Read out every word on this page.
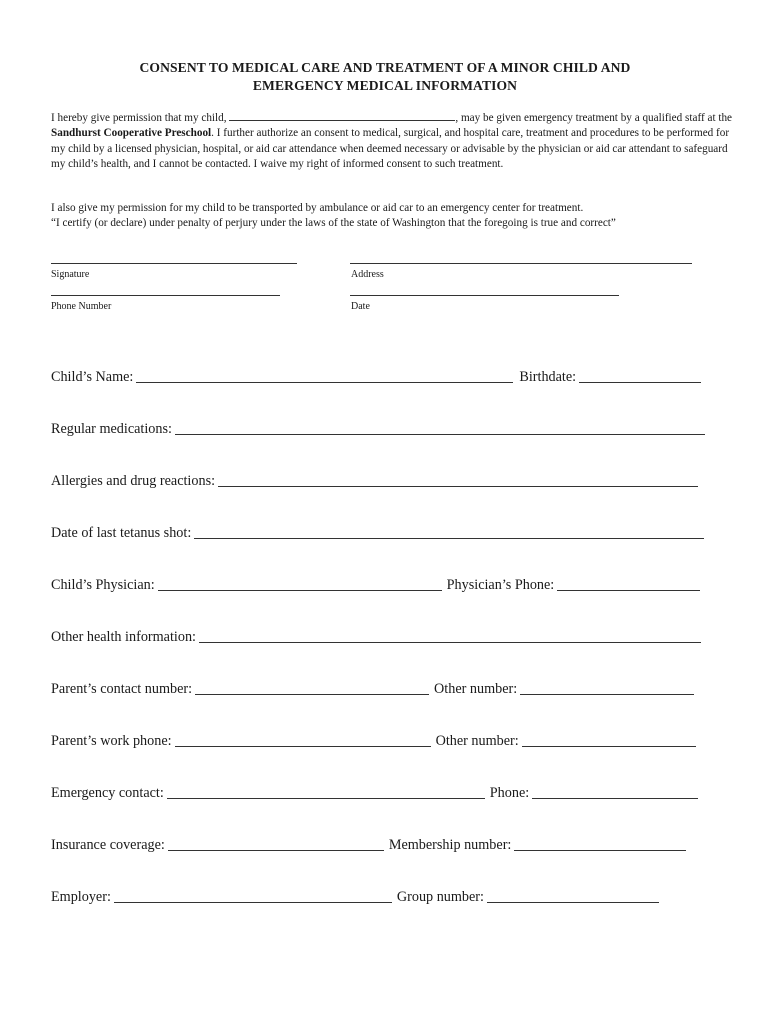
CONSENT TO MEDICAL CARE AND TREATMENT OF A MINOR CHILD AND
EMERGENCY MEDICAL INFORMATION
I hereby give permission that my child,	, may be given emergency treatment by a qualified staff at the Sandhurst Cooperative Preschool. I further authorize an consent to medical, surgical, and hospital care, treatment and procedures to be performed for my child by a licensed physician, hospital, or aid car attendance when deemed necessary or advisable by the physician or aid car attendant to safeguard my child’s health, and I cannot be contacted. I waive my right of informed consent to such treatment.
I also give my permission for my child to be transported by ambulance or aid car to an emergency center for treatment.
“I certify (or declare) under penalty of perjury under the laws of the state of Washington that the foregoing is true and correct”
Signature	Address
Phone Number	Date
Child’s Name:	Birthdate:
Regular medications:
Allergies and drug reactions:
Date of last tetanus shot:
Child’s Physician:	Physician’s Phone:
Other health information:
Parent’s contact number:	Other number:
Parent’s work phone:	Other number:
Emergency contact:	Phone:
Insurance coverage:	Membership number:
Employer:	Group number:
